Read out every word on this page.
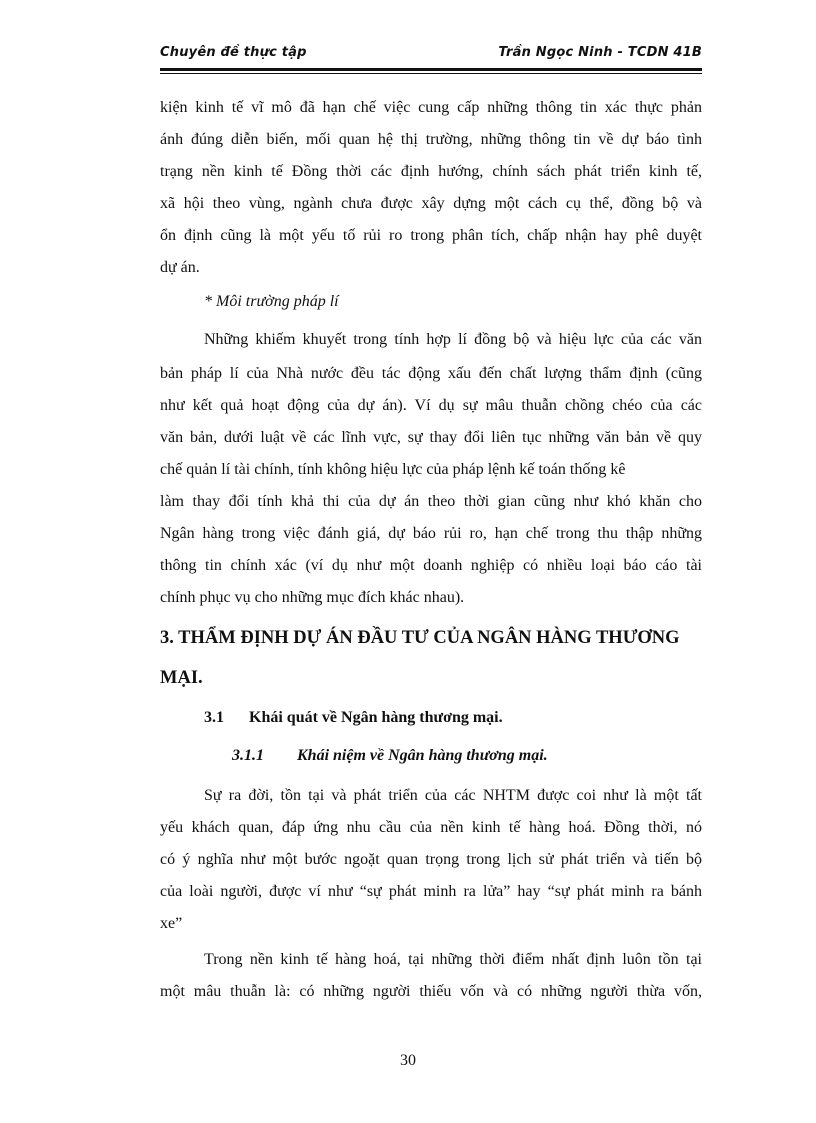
Chuyên đề thực tập	Trần Ngọc Ninh - TCDN 41B
kiện kinh tế vĩ mô đã hạn chế việc cung cấp những thông tin xác thực phản
ánh đúng diễn biến, mối quan hệ thị trường, những thông tin về dự báo tình
trạng nền kinh tế Đồng thời các định hướng, chính sách phát triển kinh tế,
xã hội theo vùng, ngành chưa được xây dựng một cách cụ thể, đồng bộ và
ổn định cũng là một yếu tố rủi ro trong phân tích, chấp nhận hay phê duyệt
dự án.
* Môi trường pháp lí
Những khiếm khuyết trong tính hợp lí đồng bộ và hiệu lực của các văn
bản pháp lí của Nhà nước đều tác động xấu đến chất lượng thẩm định (cũng
như kết quả hoạt động của dự án). Ví dụ sự mâu thuẫn chồng chéo của các
văn bản, dưới luật về các lĩnh vực, sự thay đổi liên tục những văn bản về quy
chế quản lí tài chính, tính không hiệu lực của pháp lệnh kế toán thống kê
làm thay đổi tính khả thi của dự án theo thời gian cũng như khó khăn cho
Ngân hàng trong việc đánh giá, dự báo rủi ro, hạn chế trong thu thập những
thông tin chính xác (ví dụ như một doanh nghiệp có nhiều loại báo cáo tài
chính phục vụ cho những mục đích khác nhau).
3. THẨM ĐỊNH DỰ ÁN ĐẦU TƯ CỦA NGÂN HÀNG THƯƠNG
MẠI.
3.1 Khái quát về Ngân hàng thương mại.
3.1.1 Khái niệm về Ngân hàng thương mại.
Sự ra đời, tồn tại và phát triển của các NHTM được coi như là một tất
yếu khách quan, đáp ứng nhu cầu của nền kinh tế hàng hoá. Đồng thời, nó
có ý nghĩa như một bước ngoặt quan trọng trong lịch sử phát triển và tiến bộ
của loài người, được ví như “sự phát minh ra lửa” hay “sự phát minh ra bánh
xe”
Trong nền kinh tế hàng hoá, tại những thời điểm nhất định luôn tồn tại
một mâu thuẫn là: có những người thiếu vốn và có những người thừa vốn,
30
